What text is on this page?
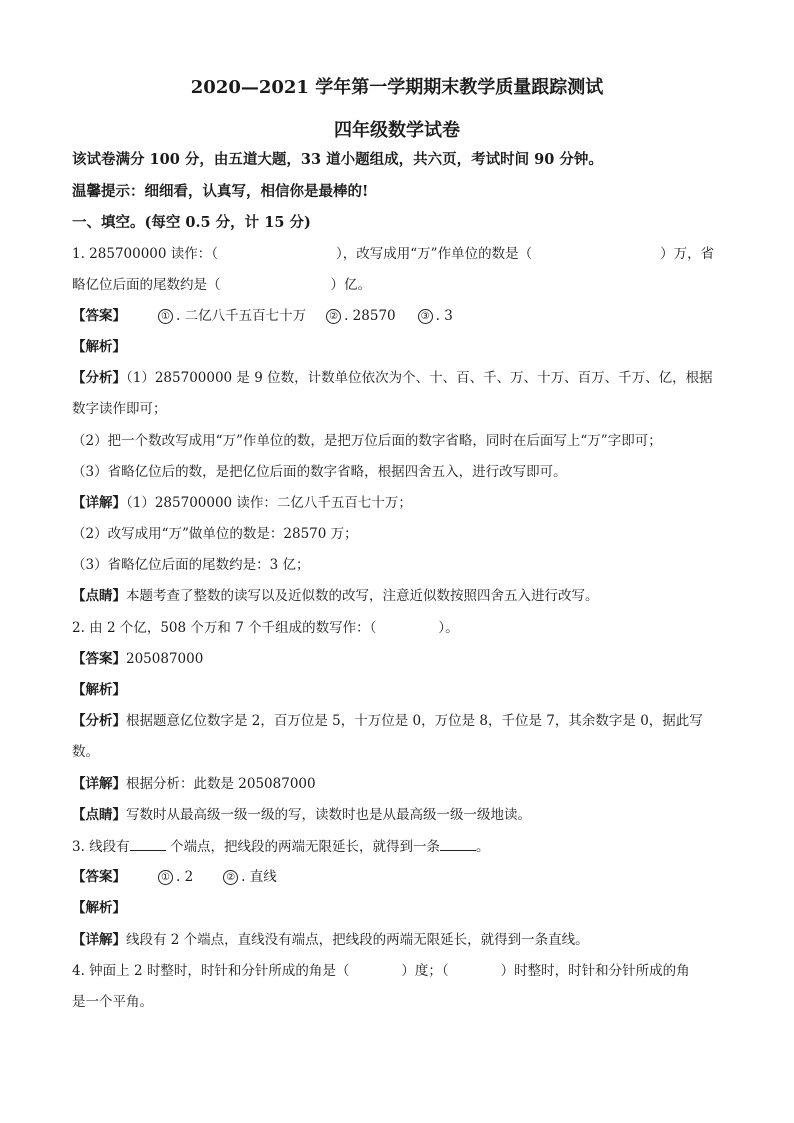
2020—2021 学年第一学期期末教学质量跟踪测试
四年级数学试卷
该试卷满分 100 分，由五道大题，33 道小题组成，共六页，考试时间 90 分钟。
温馨提示：细细看，认真写，相信你是最棒的!
一、填空。(每空 0.5 分，计 15 分)
1. 285700000 读作：（	），改写成用“万”作单位的数是（	）万，省
略亿位后面的尾数约是（	）亿。
【答案】	① . 二亿八千五百七十万 ② . 28570	③ . 3
【解析】
【分析】（1）285700000 是 9 位数，计数单位依次为个、十、百、千、万、十万、百万、千万、亿，根据
数字读作即可；
（2）把一个数改写成用“万”作单位的数，是把万位后面的数字省略，同时在后面写上“万”字即可；
（3）省略亿位后的数，是把亿位后面的数字省略，根据四舍五入，进行改写即可。
【详解】（1）285700000 读作：二亿八千五百七十万；
（2）改写成用“万”做单位的数是：28570 万；
（3）省略亿位后面的尾数约是：3 亿；
【点睛】本题考查了整数的读写以及近似数的改写，注意近似数按照四舍五入进行改写。
2. 由 2 个亿，508 个万和 7 个千组成的数写作：（	）。
【答案】205087000
【解析】
【分析】根据题意亿位数字是 2，百万位是 5，十万位是 0，万位是 8，千位是 7，其余数字是 0，据此写
数。
【详解】根据分析：此数是 205087000
【点睛】写数时从最高级一级一级的写，读数时也是从最高级一级一级地读。
3. 线段有	个端点，把线段的两端无限延长，就得到一条	。
【答案】	① . 2	② . 直线
【解析】
【详解】线段有 2 个端点，直线没有端点，把线段的两端无限延长，就得到一条直线。
4. 钟面上 2 时整时，时针和分针所成的角是（	）度；（	）时整时，时针和分针所成的角
是一个平角。
